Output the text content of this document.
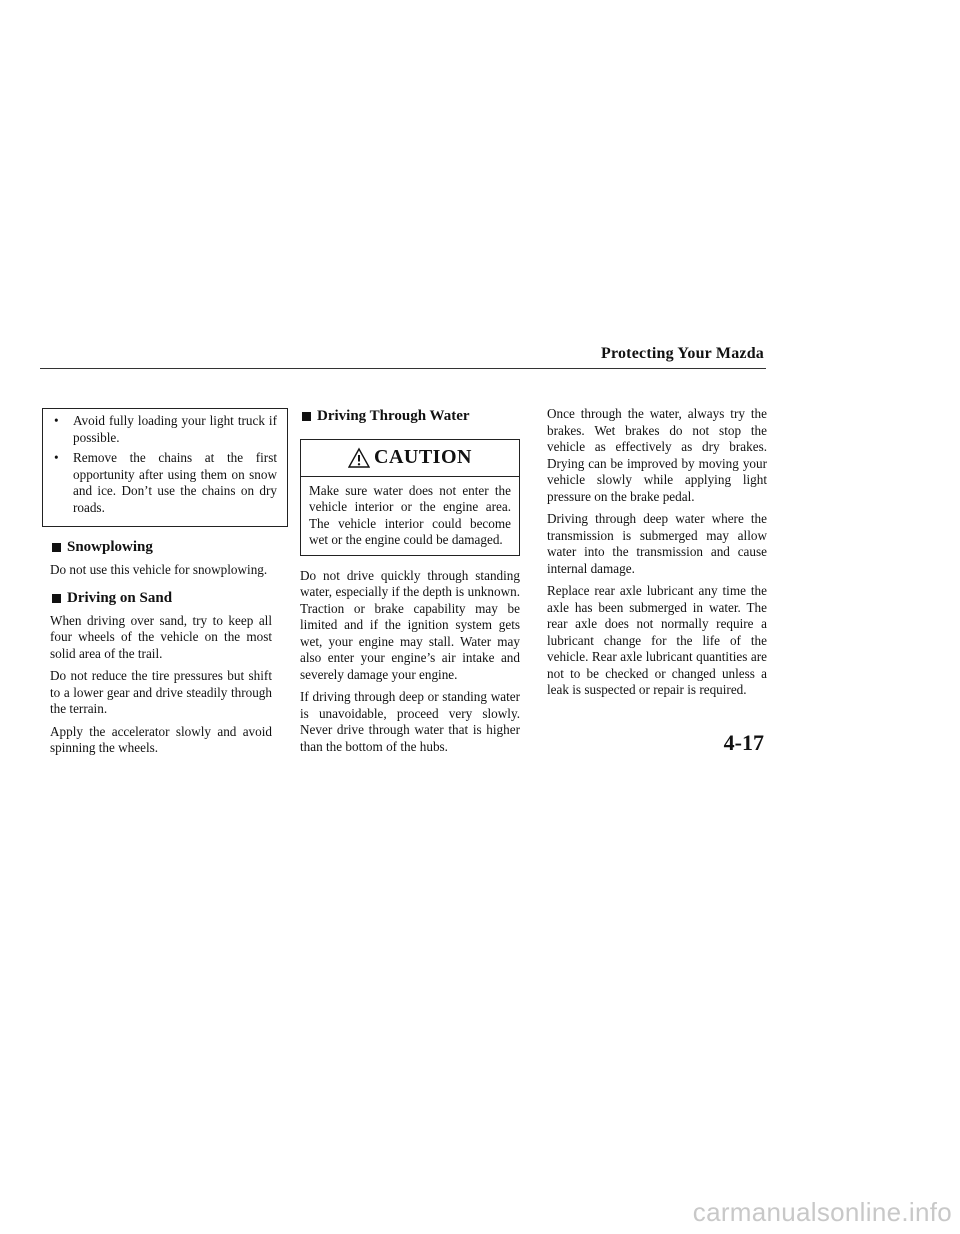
Protecting Your Mazda
• Avoid fully loading your light truck if possible.
• Remove the chains at the first opportunity after using them on snow and ice. Don’t use the chains on dry roads.
Snowplowing

Do not use this vehicle for snowplowing.

Driving on Sand

When driving over sand, try to keep all four wheels of the vehicle on the most solid area of the trail.

Do not reduce the tire pressures but shift to a lower gear and drive steadily through the terrain.

Apply the accelerator slowly and avoid spinning the wheels.

Driving Through Water
CAUTION
Make sure water does not enter the vehicle interior or the engine area. The vehicle interior could become wet or the engine could be damaged.

Do not drive quickly through standing water, especially if the depth is unknown. Traction or brake capability may be limited and if the ignition system gets wet, your engine may stall. Water may also enter your engine’s air intake and severely damage your engine.

If driving through deep or standing water is unavoidable, proceed very slowly. Never drive through water that is higher than the bottom of the hubs.

Once through the water, always try the brakes. Wet brakes do not stop the vehicle as effectively as dry brakes. Drying can be improved by moving your vehicle slowly while applying light pressure on the brake pedal.

Driving through deep water where the transmission is submerged may allow water into the transmission and cause internal damage.

Replace rear axle lubricant any time the axle has been submerged in water. The rear axle does not normally require a lubricant change for the life of the vehicle. Rear axle lubricant quantities are not to be checked or changed unless a leak is suspected or repair is required.

4-17
carmanualsonline.info
